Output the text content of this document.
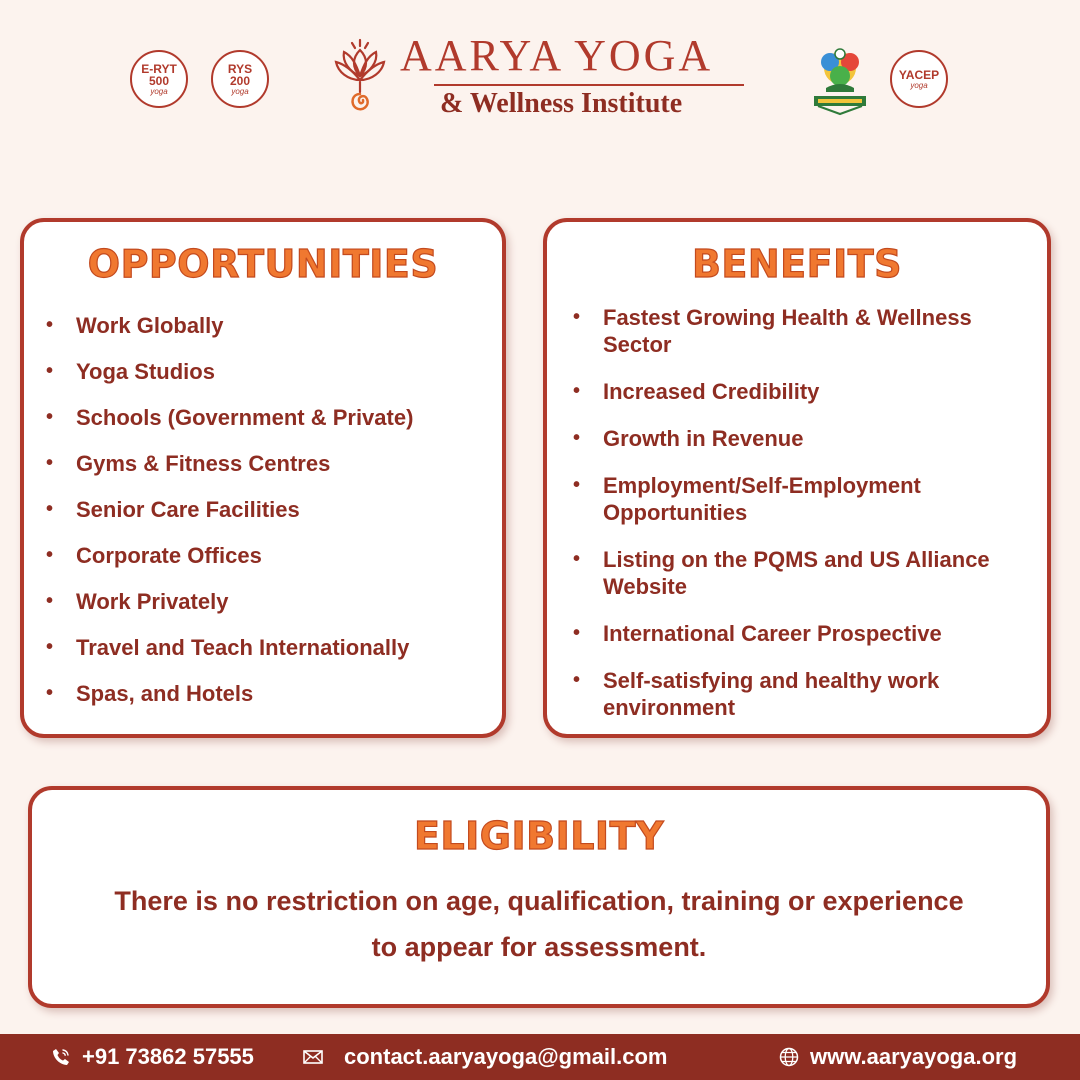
E-RYT
500
yoga
RYS
200
yoga
AARYA YOGA
& Wellness Institute
YACEP
yoga
OPPORTUNITIES
• Work Globally
• Yoga Studios
• Schools (Government & Private)
• Gyms & Fitness Centres
• Senior Care Facilities
• Corporate Offices
• Work Privately
• Travel and Teach Internationally
• Spas, and Hotels
BENEFITS
• Fastest Growing Health & Wellness Sector
• Increased Credibility
• Growth in Revenue
• Employment/Self-Employment Opportunities
• Listing on the PQMS and US Alliance Website
• International Career Prospective
• Self-satisfying and healthy work environment
ELIGIBILITY
There is no restriction on age, qualification, training or experience
to appear for assessment.
+91 73862 57555	contact.aaryayoga@gmail.com	www.aaryayoga.org
